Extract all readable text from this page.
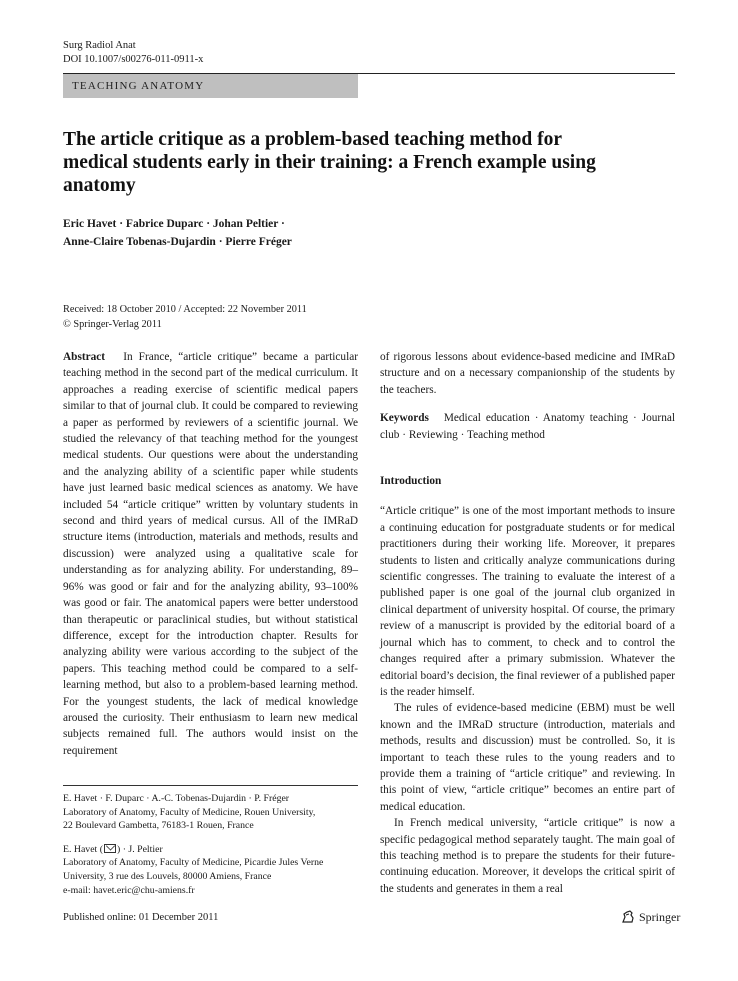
Surg Radiol Anat
DOI 10.1007/s00276-011-0911-x
TEACHING ANATOMY
The article critique as a problem-based teaching method for medical students early in their training: a French example using anatomy
Eric Havet · Fabrice Duparc · Johan Peltier ·
Anne-Claire Tobenas-Dujardin · Pierre Fréger
Received: 18 October 2010 / Accepted: 22 November 2011
© Springer-Verlag 2011

Abstract In France, “article critique” became a particular teaching method in the second part of the medical curriculum. It approaches a reading exercise of scientific medical papers similar to that of journal club. It could be compared to reviewing a paper as performed by reviewers of a scientific journal. We studied the relevancy of that teaching method for the youngest medical students. Our questions were about the understanding and the analyzing ability of a scientific paper while students have just learned basic medical sciences as anatomy. We have included 54 “article critique” written by voluntary students in second and third years of medical cursus. All of the IMRaD structure items (introduction, materials and methods, results and discussion) were analyzed using a qualitative scale for understanding as for analyzing ability. For understanding, 89–96% was good or fair and for the analyzing ability, 93–100% was good or fair. The anatomical papers were better understood than therapeutic or paraclinical studies, but without statistical difference, except for the introduction chapter. Results for analyzing ability were various according to the subject of the papers. This teaching method could be compared to a self-learning method, but also to a problem-based learning method. For the youngest students, the lack of medical knowledge aroused the curiosity. Their enthusiasm to learn new medical subjects remained full. The authors would insist on the requirement

of rigorous lessons about evidence-based medicine and IMRaD structure and on a necessary companionship of the students by the teachers.

Keywords Medical education · Anatomy teaching · Journal club · Reviewing · Teaching method

Introduction

“Article critique” is one of the most important methods to insure a continuing education for postgraduate students or for medical practitioners during their working life. Moreover, it prepares students to listen and critically analyze communications during scientific congresses. The training to evaluate the interest of a published paper is one goal of the journal club organized in clinical department of university hospital. Of course, the primary review of a manuscript is provided by the editorial board of a journal which has to comment, to check and to control the changes required after a primary submission. Whatever the editorial board’s decision, the final reviewer of a published paper is the reader himself.

The rules of evidence-based medicine (EBM) must be well known and the IMRaD structure (introduction, materials and methods, results and discussion) must be controlled. So, it is important to teach these rules to the young readers and to provide them a training of “article critique” and reviewing. In this point of view, “article critique” becomes an entire part of medical education.

In French medical university, “article critique” is now a specific pedagogical method separately taught. The main goal of this teaching method is to prepare the students for their future-continuing education. Moreover, it develops the critical spirit of the students and generates in them a real

E. Havet · F. Duparc · A.-C. Tobenas-Dujardin · P. Fréger
Laboratory of Anatomy, Faculty of Medicine, Rouen University,
22 Boulevard Gambetta, 76183-1 Rouen, France

E. Havet ( ) · J. Peltier
Laboratory of Anatomy, Faculty of Medicine, Picardie Jules Verne
University, 3 rue des Louvels, 80000 Amiens, France
e-mail: havet.eric@chu-amiens.fr

Published online: 01 December 2011	Springer
